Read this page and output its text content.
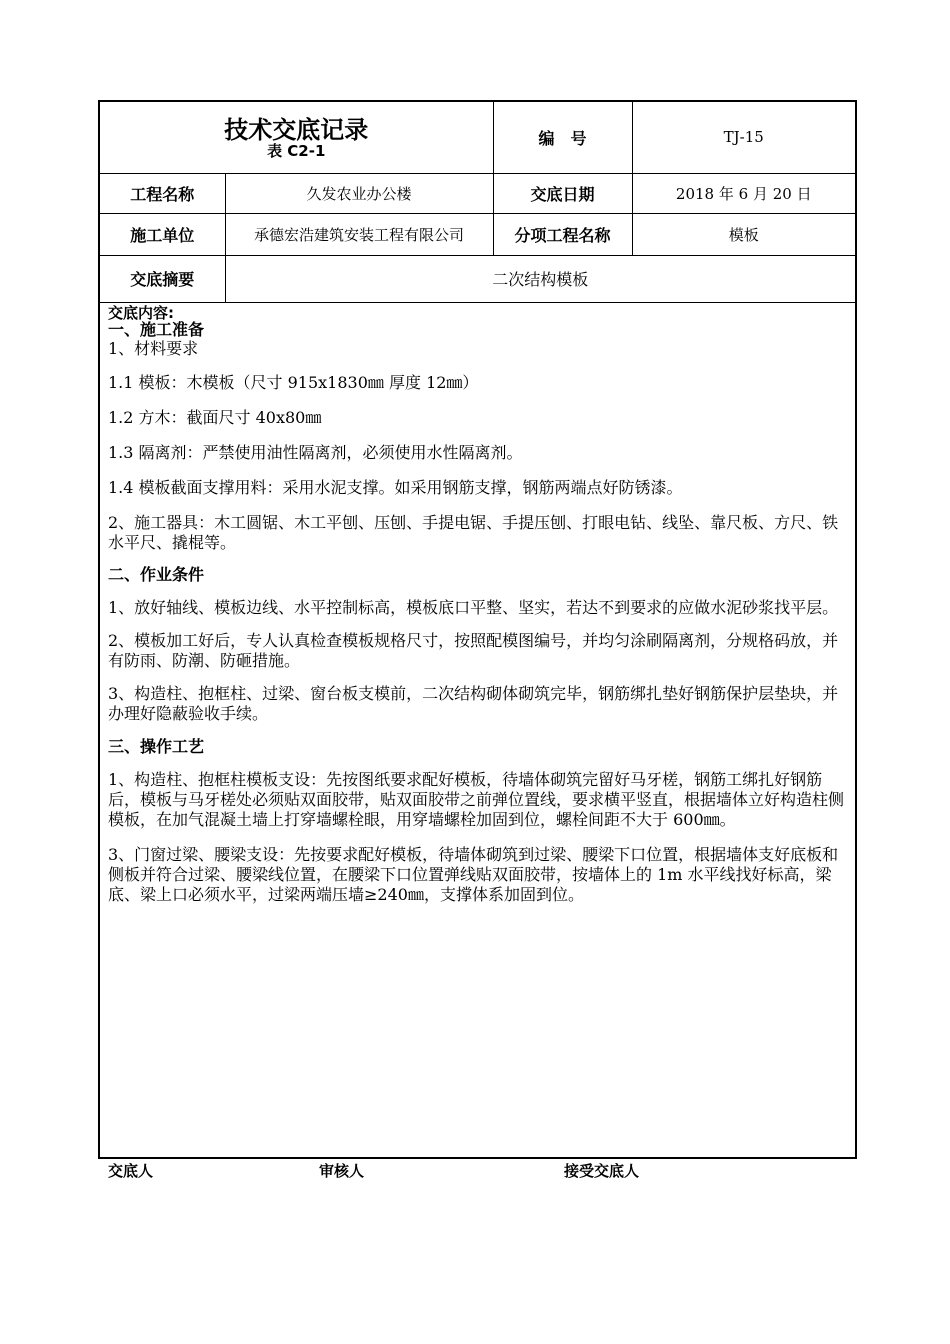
技术交底记录
表 C2-1		编　号	TJ-15
工程名称	久发农业办公楼	交底日期	2018 年 6 月 20 日
施工单位	承德宏浩建筑安装工程有限公司	分项工程名称	模板
交底摘要	二次结构模板		

交底内容:

一、施工准备

1、材料要求

1.1 模板：木模板（尺寸 915x1830㎜ 厚度 12㎜）

1.2 方木：截面尺寸 40x80㎜

1.3 隔离剂：严禁使用油性隔离剂，必须使用水性隔离剂。

1.4 模板截面支撑用料：采用水泥支撑。如采用钢筋支撑，钢筋两端点好防锈漆。

2、施工器具：木工圆锯、木工平刨、压刨、手提电锯、手提压刨、打眼电钻、线坠、靠尺板、方尺、铁水平尺、撬棍等。

二、作业条件

1、放好轴线、模板边线、水平控制标高，模板底口平整、坚实，若达不到要求的应做水泥砂浆找平层。

2、模板加工好后，专人认真检查模板规格尺寸，按照配模图编号，并均匀涂刷隔离剂，分规格码放，并有防雨、防潮、防砸措施。

3、构造柱、抱框柱、过梁、窗台板支模前，二次结构砌体砌筑完毕，钢筋绑扎垫好钢筋保护层垫块，并办理好隐蔽验收手续。

三、操作工艺

1、构造柱、抱框柱模板支设：先按图纸要求配好模板，待墙体砌筑完留好马牙槎，钢筋工绑扎好钢筋后，模板与马牙槎处必须贴双面胶带，贴双面胶带之前弹位置线，要求横平竖直，根据墙体立好构造柱侧模板，在加气混凝土墙上打穿墙螺栓眼，用穿墙螺栓加固到位，螺栓间距不大于 600㎜。

3、门窗过梁、腰梁支设：先按要求配好模板，待墙体砌筑到过梁、腰梁下口位置，根据墙体支好底板和侧板并符合过梁、腰梁线位置，在腰梁下口位置弹线贴双面胶带，按墙体上的 1m 水平线找好标高，梁底、梁上口必须水平，过梁两端压墙≥240㎜，支撑体系加固到位。

交底人	审核人	接受交底人
